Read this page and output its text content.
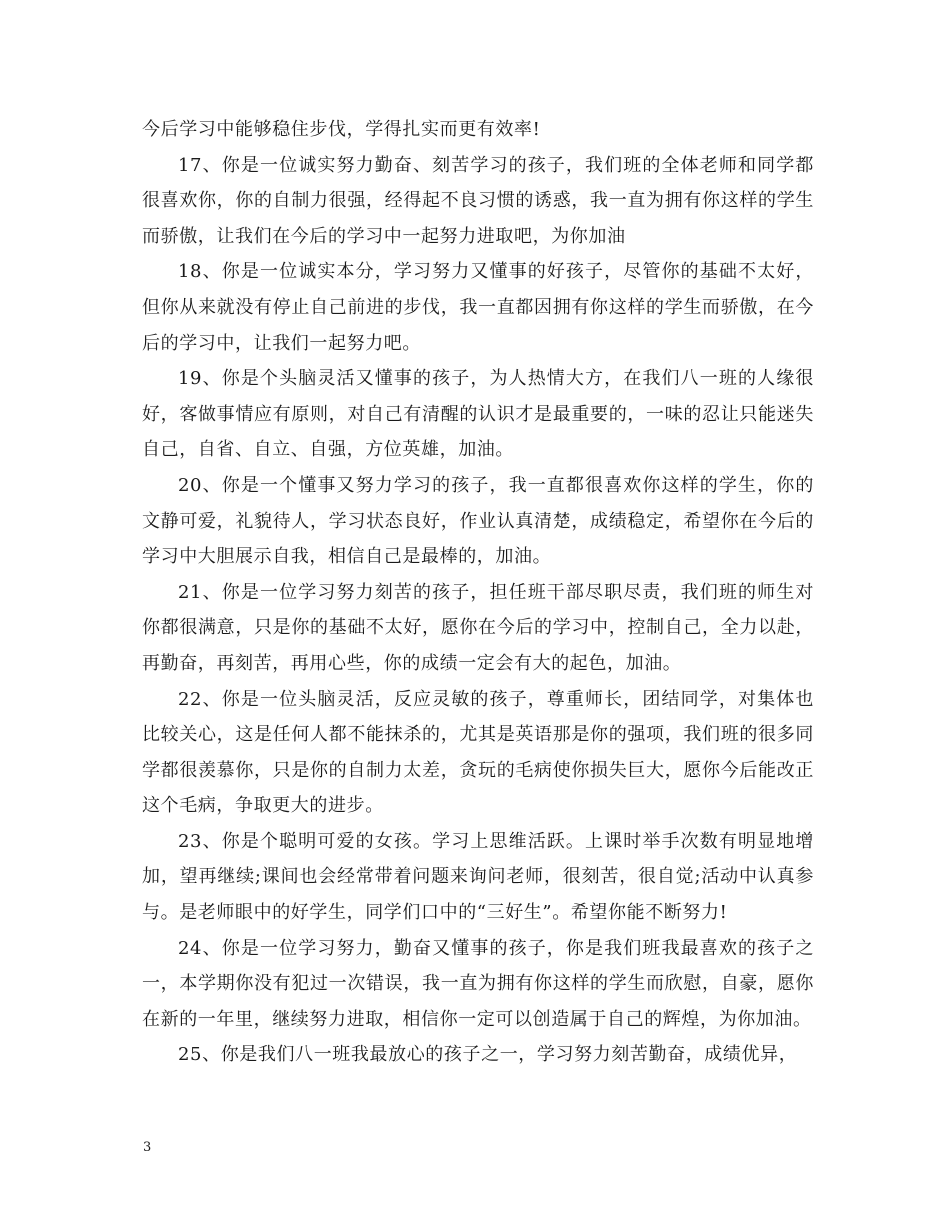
今后学习中能够稳住步伐，学得扎实而更有效率!

17、你是一位诚实努力勤奋、刻苦学习的孩子，我们班的全体老师和同学都很喜欢你，你的自制力很强，经得起不良习惯的诱惑，我一直为拥有你这样的学生而骄傲，让我们在今后的学习中一起努力进取吧，为你加油

18、你是一位诚实本分，学习努力又懂事的好孩子，尽管你的基础不太好，但你从来就没有停止自己前进的步伐，我一直都因拥有你这样的学生而骄傲，在今后的学习中，让我们一起努力吧。

19、你是个头脑灵活又懂事的孩子，为人热情大方，在我们八一班的人缘很好，客做事情应有原则，对自己有清醒的认识才是最重要的，一味的忍让只能迷失自己，自省、自立、自强，方位英雄，加油。

20、你是一个懂事又努力学习的孩子，我一直都很喜欢你这样的学生，你的文静可爱，礼貌待人，学习状态良好，作业认真清楚，成绩稳定，希望你在今后的学习中大胆展示自我，相信自己是最棒的，加油。

21、你是一位学习努力刻苦的孩子，担任班干部尽职尽责，我们班的师生对你都很满意，只是你的基础不太好，愿你在今后的学习中，控制自己，全力以赴，再勤奋，再刻苦，再用心些，你的成绩一定会有大的起色，加油。

22、你是一位头脑灵活，反应灵敏的孩子，尊重师长，团结同学，对集体也比较关心，这是任何人都不能抹杀的，尤其是英语那是你的强项，我们班的很多同学都很羡慕你，只是你的自制力太差，贪玩的毛病使你损失巨大，愿你今后能改正这个毛病，争取更大的进步。

23、你是个聪明可爱的女孩。学习上思维活跃。上课时举手次数有明显地增加，望再继续;课间也会经常带着问题来询问老师，很刻苦，很自觉;活动中认真参与。是老师眼中的好学生，同学们口中的“三好生”。希望你能不断努力!

24、你是一位学习努力，勤奋又懂事的孩子，你是我们班我最喜欢的孩子之一，本学期你没有犯过一次错误，我一直为拥有你这样的学生而欣慰，自豪，愿你在新的一年里，继续努力进取，相信你一定可以创造属于自己的辉煌，为你加油。

25、你是我们八一班我最放心的孩子之一，学习努力刻苦勤奋，成绩优异，

3
